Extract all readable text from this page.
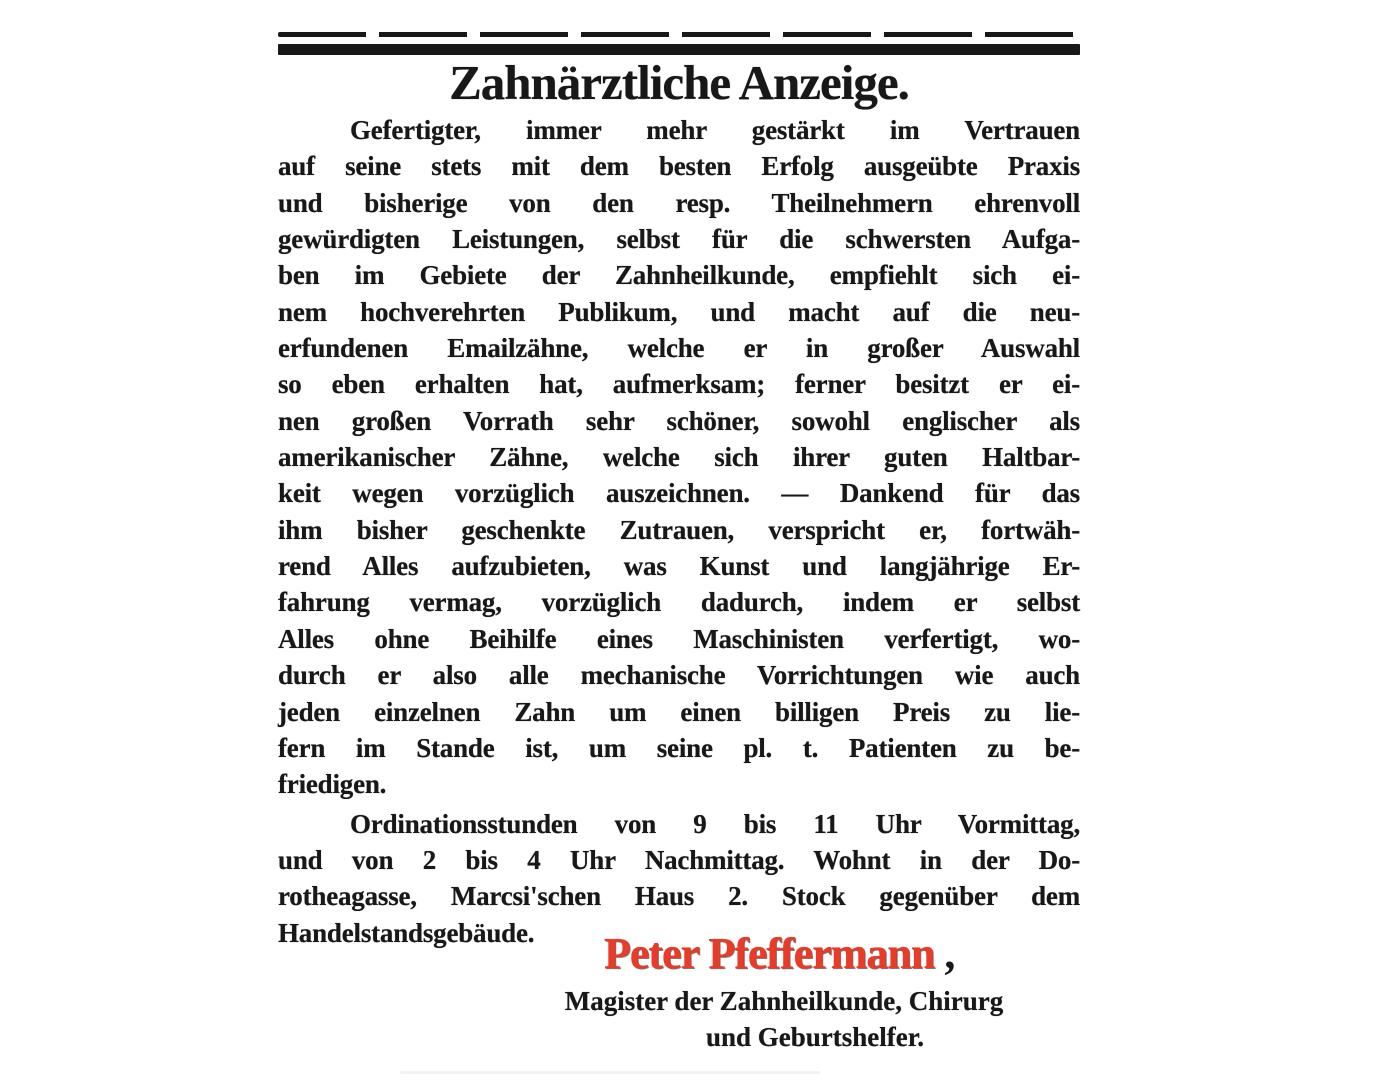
Zahnärztliche Anzeige.
Gefertigter, immer mehr gestärkt im Vertrauen
auf seine stets mit dem besten Erfolg ausgeübte Praxis
und bisherige von den resp. Theilnehmern ehrenvoll
gewürdigten Leistungen, selbst für die schwersten Aufga-
ben im Gebiete der Zahnheilkunde, empfiehlt sich ei-
nem hochverehrten Publikum, und macht auf die neu-
erfundenen Emailzähne, welche er in großer Auswahl
so eben erhalten hat, aufmerksam; ferner besitzt er ei-
nen großen Vorrath sehr schöner, sowohl englischer als
amerikanischer Zähne, welche sich ihrer guten Haltbar-
keit wegen vorzüglich auszeichnen. — Dankend für das
ihm bisher geschenkte Zutrauen, verspricht er, fortwäh-
rend Alles aufzubieten, was Kunst und langjährige Er-
fahrung vermag, vorzüglich dadurch, indem er selbst
Alles ohne Beihilfe eines Maschinisten verfertigt, wo-
durch er also alle mechanische Vorrichtungen wie auch
jeden einzelnen Zahn um einen billigen Preis zu lie-
fern im Stande ist, um seine pl. t. Patienten zu be-
friedigen.
Ordinationsstunden von 9 bis 11 Uhr Vormittag,
und von 2 bis 4 Uhr Nachmittag. Wohnt in der Do-
rotheagasse, Marcsi'schen Haus 2. Stock gegenüber dem
Handelstandsgebäude.	Peter Pfeffermann ,
Magister der Zahnheilkunde, Chirurg
und Geburtshelfer.
